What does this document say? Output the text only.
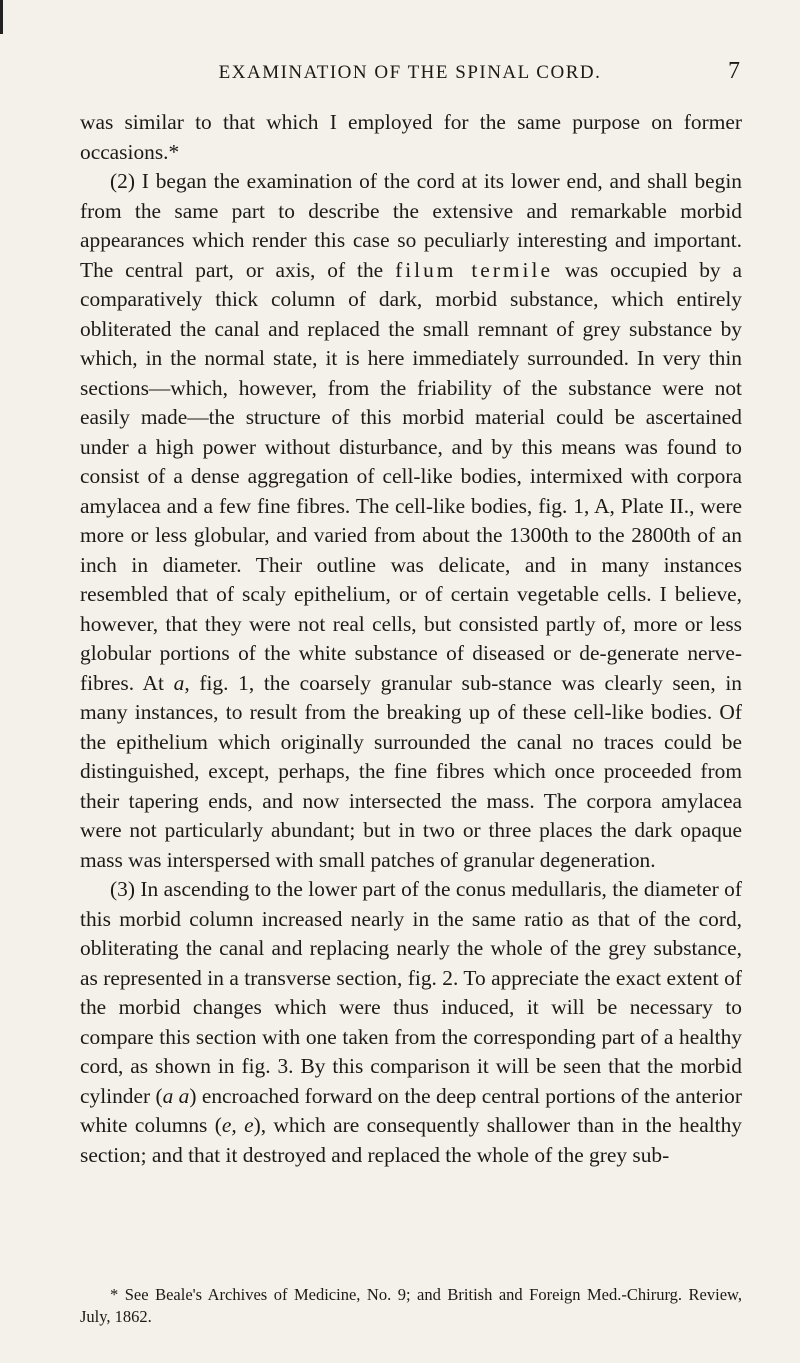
EXAMINATION OF THE SPINAL CORD.	7

was similar to that which I employed for the same purpose on former occasions.*

(2) I began the examination of the cord at its lower end, and shall begin from the same part to describe the extensive and remarkable morbid appearances which render this case so peculiarly interesting and important. The central part, or axis, of the filum termile was occupied by a comparatively thick column of dark, morbid substance, which entirely obliterated the canal and replaced the small remnant of grey substance by which, in the normal state, it is here immediately surrounded. In very thin sections—which, however, from the friability of the substance were not easily made—the structure of this morbid material could be ascertained under a high power without disturbance, and by this means was found to consist of a dense aggregation of cell-like bodies, intermixed with corpora amylacea and a few fine fibres. The cell-like bodies, fig. 1, A, Plate II., were more or less globular, and varied from about the 1300th to the 2800th of an inch in diameter. Their outline was delicate, and in many instances resembled that of scaly epithelium, or of certain vegetable cells. I believe, however, that they were not real cells, but consisted partly of, more or less globular portions of the white substance of diseased or de-generate nerve-fibres. At a, fig. 1, the coarsely granular sub-stance was clearly seen, in many instances, to result from the breaking up of these cell-like bodies. Of the epithelium which originally surrounded the canal no traces could be distinguished, except, perhaps, the fine fibres which once proceeded from their tapering ends, and now intersected the mass. The corpora amylacea were not particularly abundant; but in two or three places the dark opaque mass was interspersed with small patches of granular degeneration.

(3) In ascending to the lower part of the conus medullaris, the diameter of this morbid column increased nearly in the same ratio as that of the cord, obliterating the canal and replacing nearly the whole of the grey substance, as represented in a transverse section, fig. 2. To appreciate the exact extent of the morbid changes which were thus induced, it will be necessary to compare this section with one taken from the corresponding part of a healthy cord, as shown in fig. 3. By this comparison it will be seen that the morbid cylinder (a a) encroached forward on the deep central portions of the anterior white columns (e, e), which are consequently shallower than in the healthy section; and that it destroyed and replaced the whole of the grey sub-

* See Beale's Archives of Medicine, No. 9; and British and Foreign Med.-Chirurg. Review, July, 1862.
